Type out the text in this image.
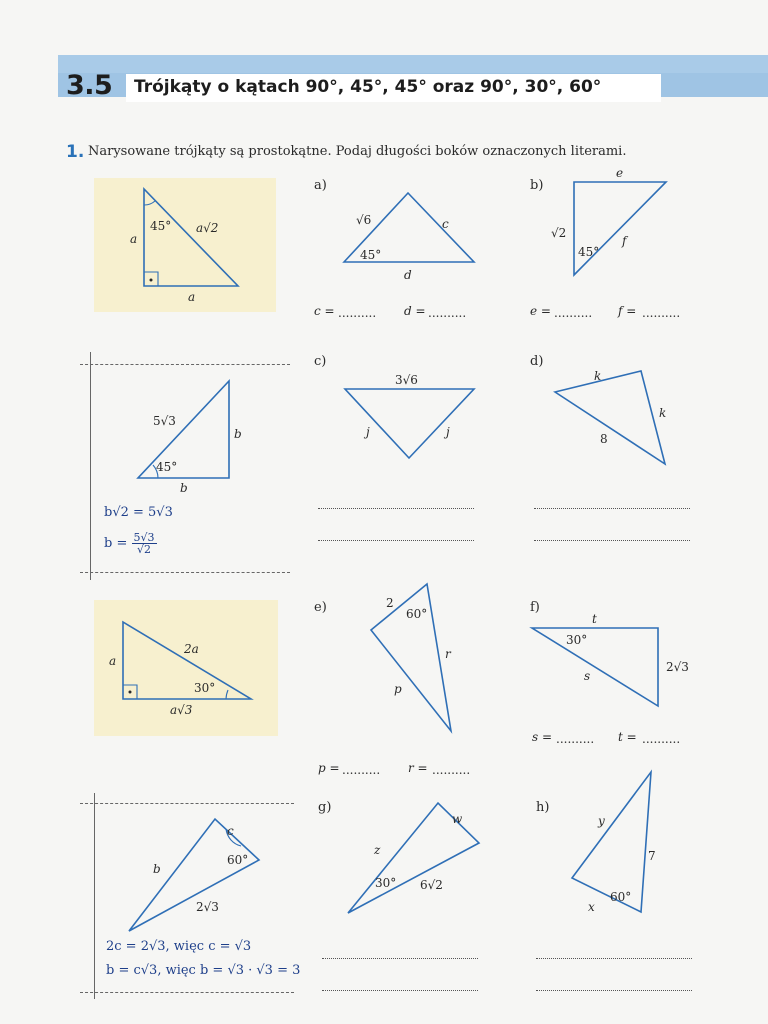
3.5 Trójkąty o kątach 90°, 45°, 45° oraz 90°, 30°, 60°
1. Narysowane trójkąty są prostokątne. Podaj długości boków oznaczonych literami.
45°
a
a√2
a
5√3
b
45°
b
b√2 = 5√3
$b = \frac{5√3}{√2}$
a
2a
30°
a√3
c
b
60°
2√3
2c = 2√3, więc c = √3
b = c√3, więc b = √3 · √3 = 3
a)
√6	c
45°
d
c = .......... d = ..........
b)
e
√2
45°
f
e = .......... f = ..........
c)
3√6
j	j
d)
k
k
8
e)	2
60°
r
p
p = .......... r = ..........
f)
t
30°
2√3
s
s = .......... t = ..........
g)
w
z
30° 6√2
h)
y
7
60°
x
